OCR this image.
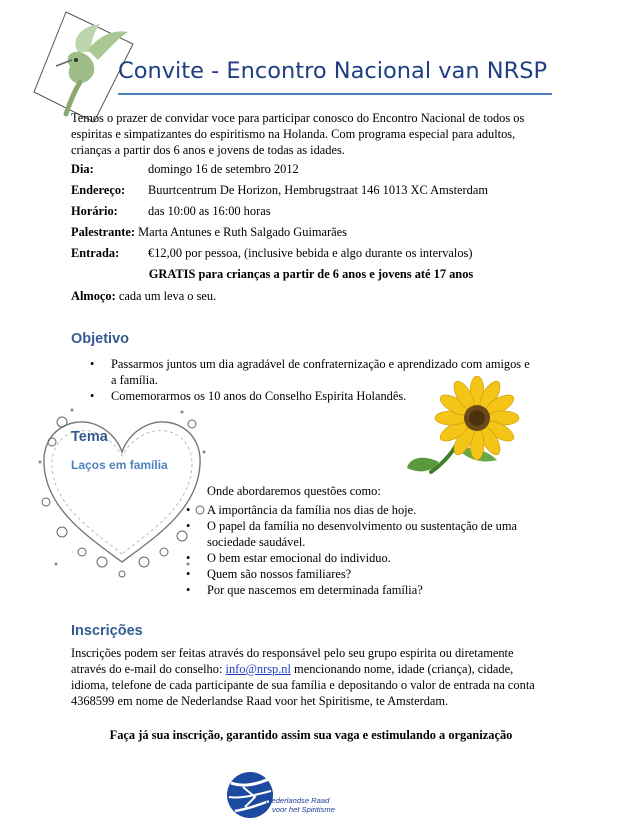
Convite - Encontro Nacional van NRSP
Temos o prazer de convidar voce para participar conosco do Encontro Nacional de todos os espiritas e simpatizantes do espiritismo na Holanda. Com programa especial para adultos, crianças a partir dos 6 anos e jovens de todas as idades.
Dia:	domingo 16 de setembro 2012
Endereço: Buurtcentrum De Horizon, Hembrugstraat 146 1013 XC Amsterdam
Horário: das 10:00 as 16:00 horas
Palestrante: Marta Antunes e Ruth Salgado Guimarães
Entrada: €12,00 por pessoa, (inclusive bebida e algo durante os intervalos)
GRATIS para crianças a partir de 6 anos e jovens até 17 anos
Almoço: cada um leva o seu.
Objetivo
• Passarmos juntos um dia agradável de confraternização e aprendizado com amigos e a família.
• Comemorarmos os 10 anos do Conselho Espirita Holandês.
Tema
Laços em família
Onde abordaremos questões como:
• A importância da família nos dias de hoje.
• O papel da família no desenvolvimento ou sustentação de uma sociedade saudável.
• O bem estar emocional do individuo.
• Quem são nossos familiares?
• Por que nascemos em determinada família?
Inscrições
Inscrições podem ser feitas através do responsável pelo seu grupo espirita ou diretamente através do e-mail do conselho: info@nrsp.nl mencionando nome, idade (criança), cidade, idioma, telefone de cada participante de sua família e depositando o valor de entrada na conta 4368599 em nome de Nederlandse Raad voor het Spiritisme, te Amsterdam.
Faça já sua inscrição, garantido assim sua vaga e estimulando a organização
Nederlandse Raad
voor het Spiritisme
